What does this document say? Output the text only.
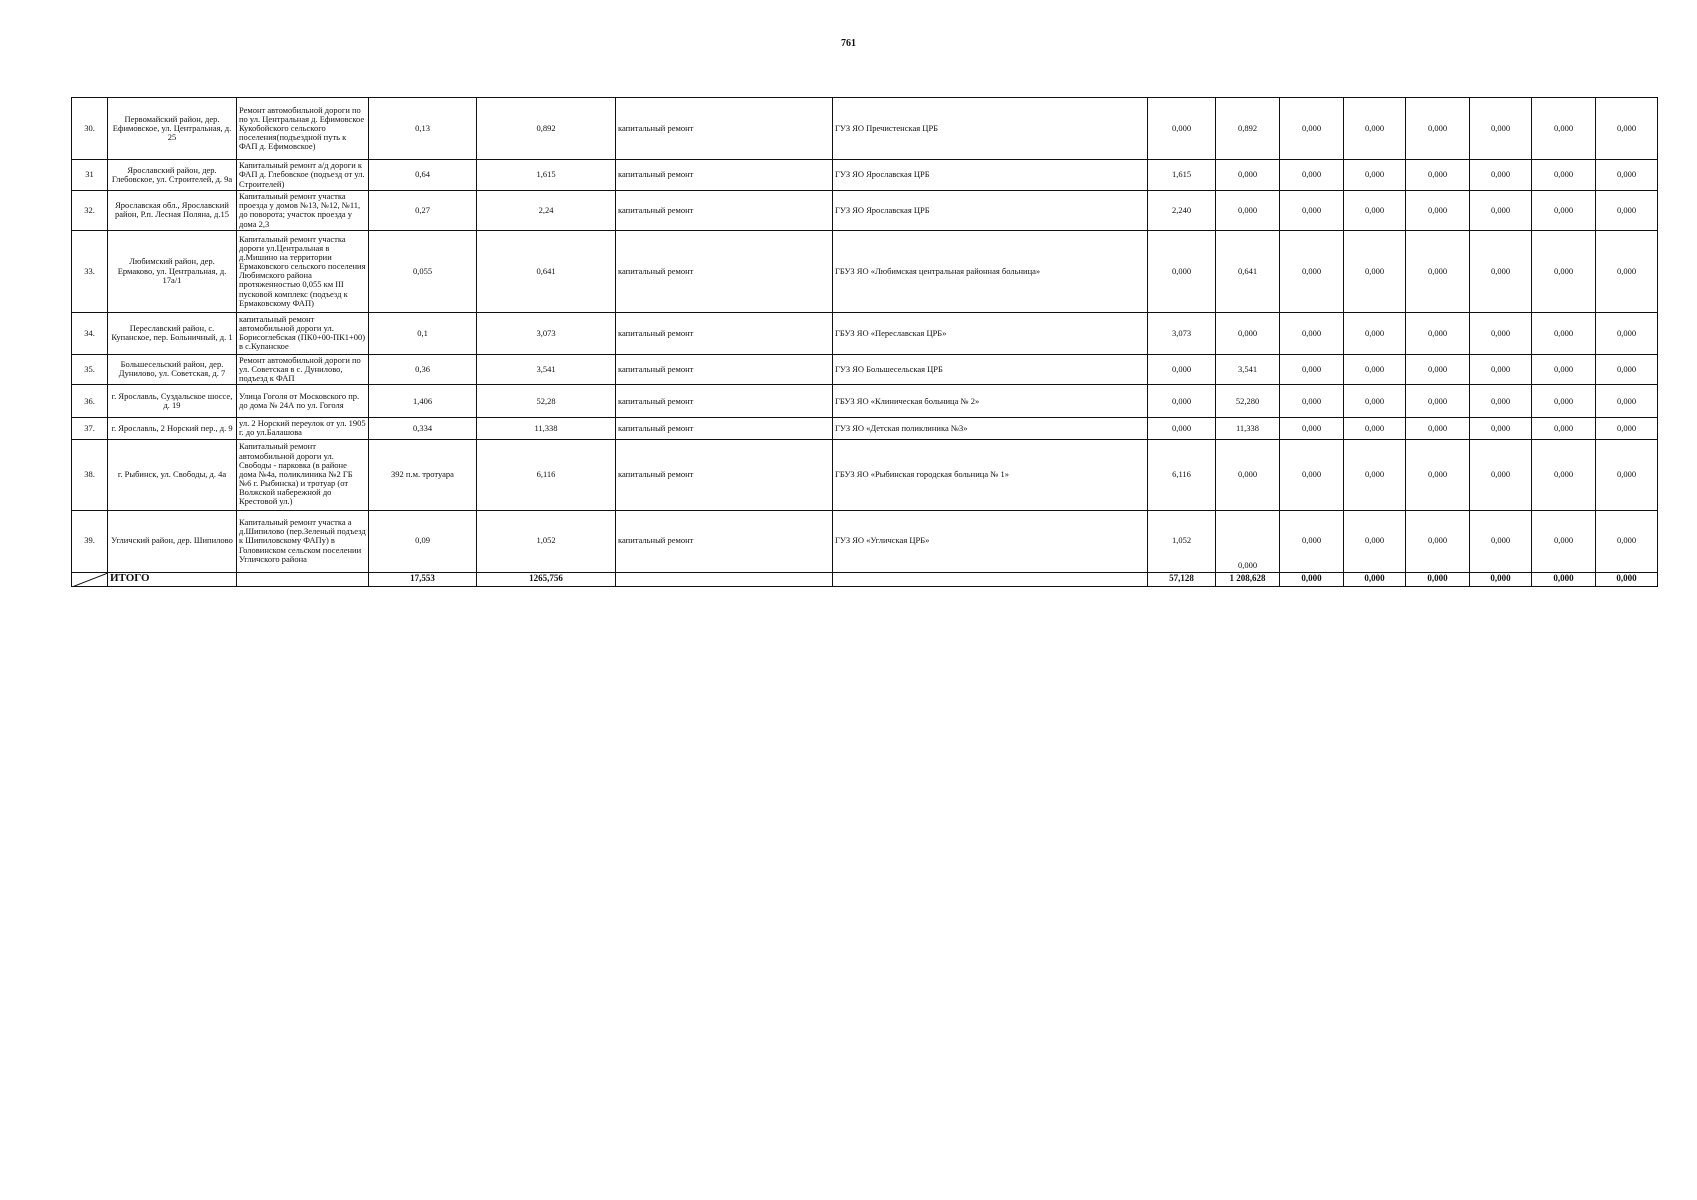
761
30.	Первомайский район, дер. Ефимовское, ул. Центральная, д. 25	Ремонт автомобильной дороги по по ул. Центральная д. Ефимовское Кукобойского сельского поселения(подъездной путь к ФАП д. Ефимовское)	0,13	0,892	капитальный ремонт	ГУЗ ЯО Пречистенская ЦРБ	0,000	0,892	0,000	0,000	0,000	0,000	0,000	0,000
31	Ярославский район, дер. Глебовское, ул. Строителей, д. 9а	Капитальный ремонт а/д дороги к ФАП д. Глебовское (подъезд от ул. Строителей)	0,64	1,615	капитальный ремонт	ГУЗ ЯО Ярославская ЦРБ	1,615	0,000	0,000	0,000	0,000	0,000	0,000	0,000
32.	Ярославская обл., Ярославский район, Р.п. Лесная Поляна, д.15	Капитальный ремонт участка проезда у домов №13, №12, №11, до поворота; участок проезда у дома 2,3	0,27	2,24	капитальный ремонт	ГУЗ ЯО Ярославская ЦРБ	2,240	0,000	0,000	0,000	0,000	0,000	0,000	0,000
33.	Любимский район, дер. Ермаково, ул. Центральная, д. 17а/1	Капитальный ремонт участка дороги ул.Центральная в д.Мишино на территории Ермаковского сельского поселения Любимского района протяженностью 0,055 км III пусковой комплекс (подъезд к Ермаковскому ФАП)	0,055	0,641	капитальный ремонт	ГБУЗ ЯО «Любимская центральная районная больница»	0,000	0,641	0,000	0,000	0,000	0,000	0,000	0,000
34.	Переславский район, с. Купанское, пер. Больничный, д. 1	капитальный ремонт автомобильной дороги ул. Борисоглебская (ПК0+00-ПК1+00) в с.Купанское	0,1	3,073	капитальный ремонт	ГБУЗ ЯО «Переславская ЦРБ»	3,073	0,000	0,000	0,000	0,000	0,000	0,000	0,000
35.	Большесельский район, дер. Дунилово, ул. Советская, д. 7	Ремонт автомобильной дороги по ул. Советская в с. Дунилово, подъезд к ФАП	0,36	3,541	капитальный ремонт	ГУЗ ЯО Большесельская ЦРБ	0,000	3,541	0,000	0,000	0,000	0,000	0,000	0,000
36.	г. Ярославль, Суздальское шоссе, д. 19	Улица Гоголя от Московского пр. до дома № 24А по ул. Гоголя	1,406	52,28	капитальный ремонт	ГБУЗ ЯО «Клиническая больница № 2»	0,000	52,280	0,000	0,000	0,000	0,000	0,000	0,000
37.	г. Ярославль, 2 Норский пер., д. 9	ул. 2 Норский переулок от ул. 1905 г. до ул.Балашова	0,334	11,338	капитальный ремонт	ГУЗ ЯО «Детская поликлиника №3»	0,000	11,338	0,000	0,000	0,000	0,000	0,000	0,000
38.	г. Рыбинск, ул. Свободы, д. 4а	Капитальный ремонт автомобильной дороги ул. Свободы - парковка (в районе дома №4а, поликлиника №2 ГБ №6 г. Рыбинска) и тротуар (от Волжской набережной до Крестовой ул.)	392 п.м. тротуара	6,116	капитальный ремонт	ГБУЗ ЯО «Рыбинская городская больница № 1»	6,116	0,000	0,000	0,000	0,000	0,000	0,000	0,000
39.	Угличский район, дер. Шипилово	Капитальный ремонт участка а д.Шипилово (пер.Зеленый подъезд к Шипиловскому ФАПу) в Головинском сельском поселении Угличского района	0,09	1,052	капитальный ремонт	ГУЗ ЯО «Угличская ЦРБ»	1,052	0,000	0,000	0,000	0,000	0,000	0,000	0,000

	ИТОГО		17,553	1265,756			57,128	1 208,628	0,000	0,000	0,000	0,000	0,000	0,000
